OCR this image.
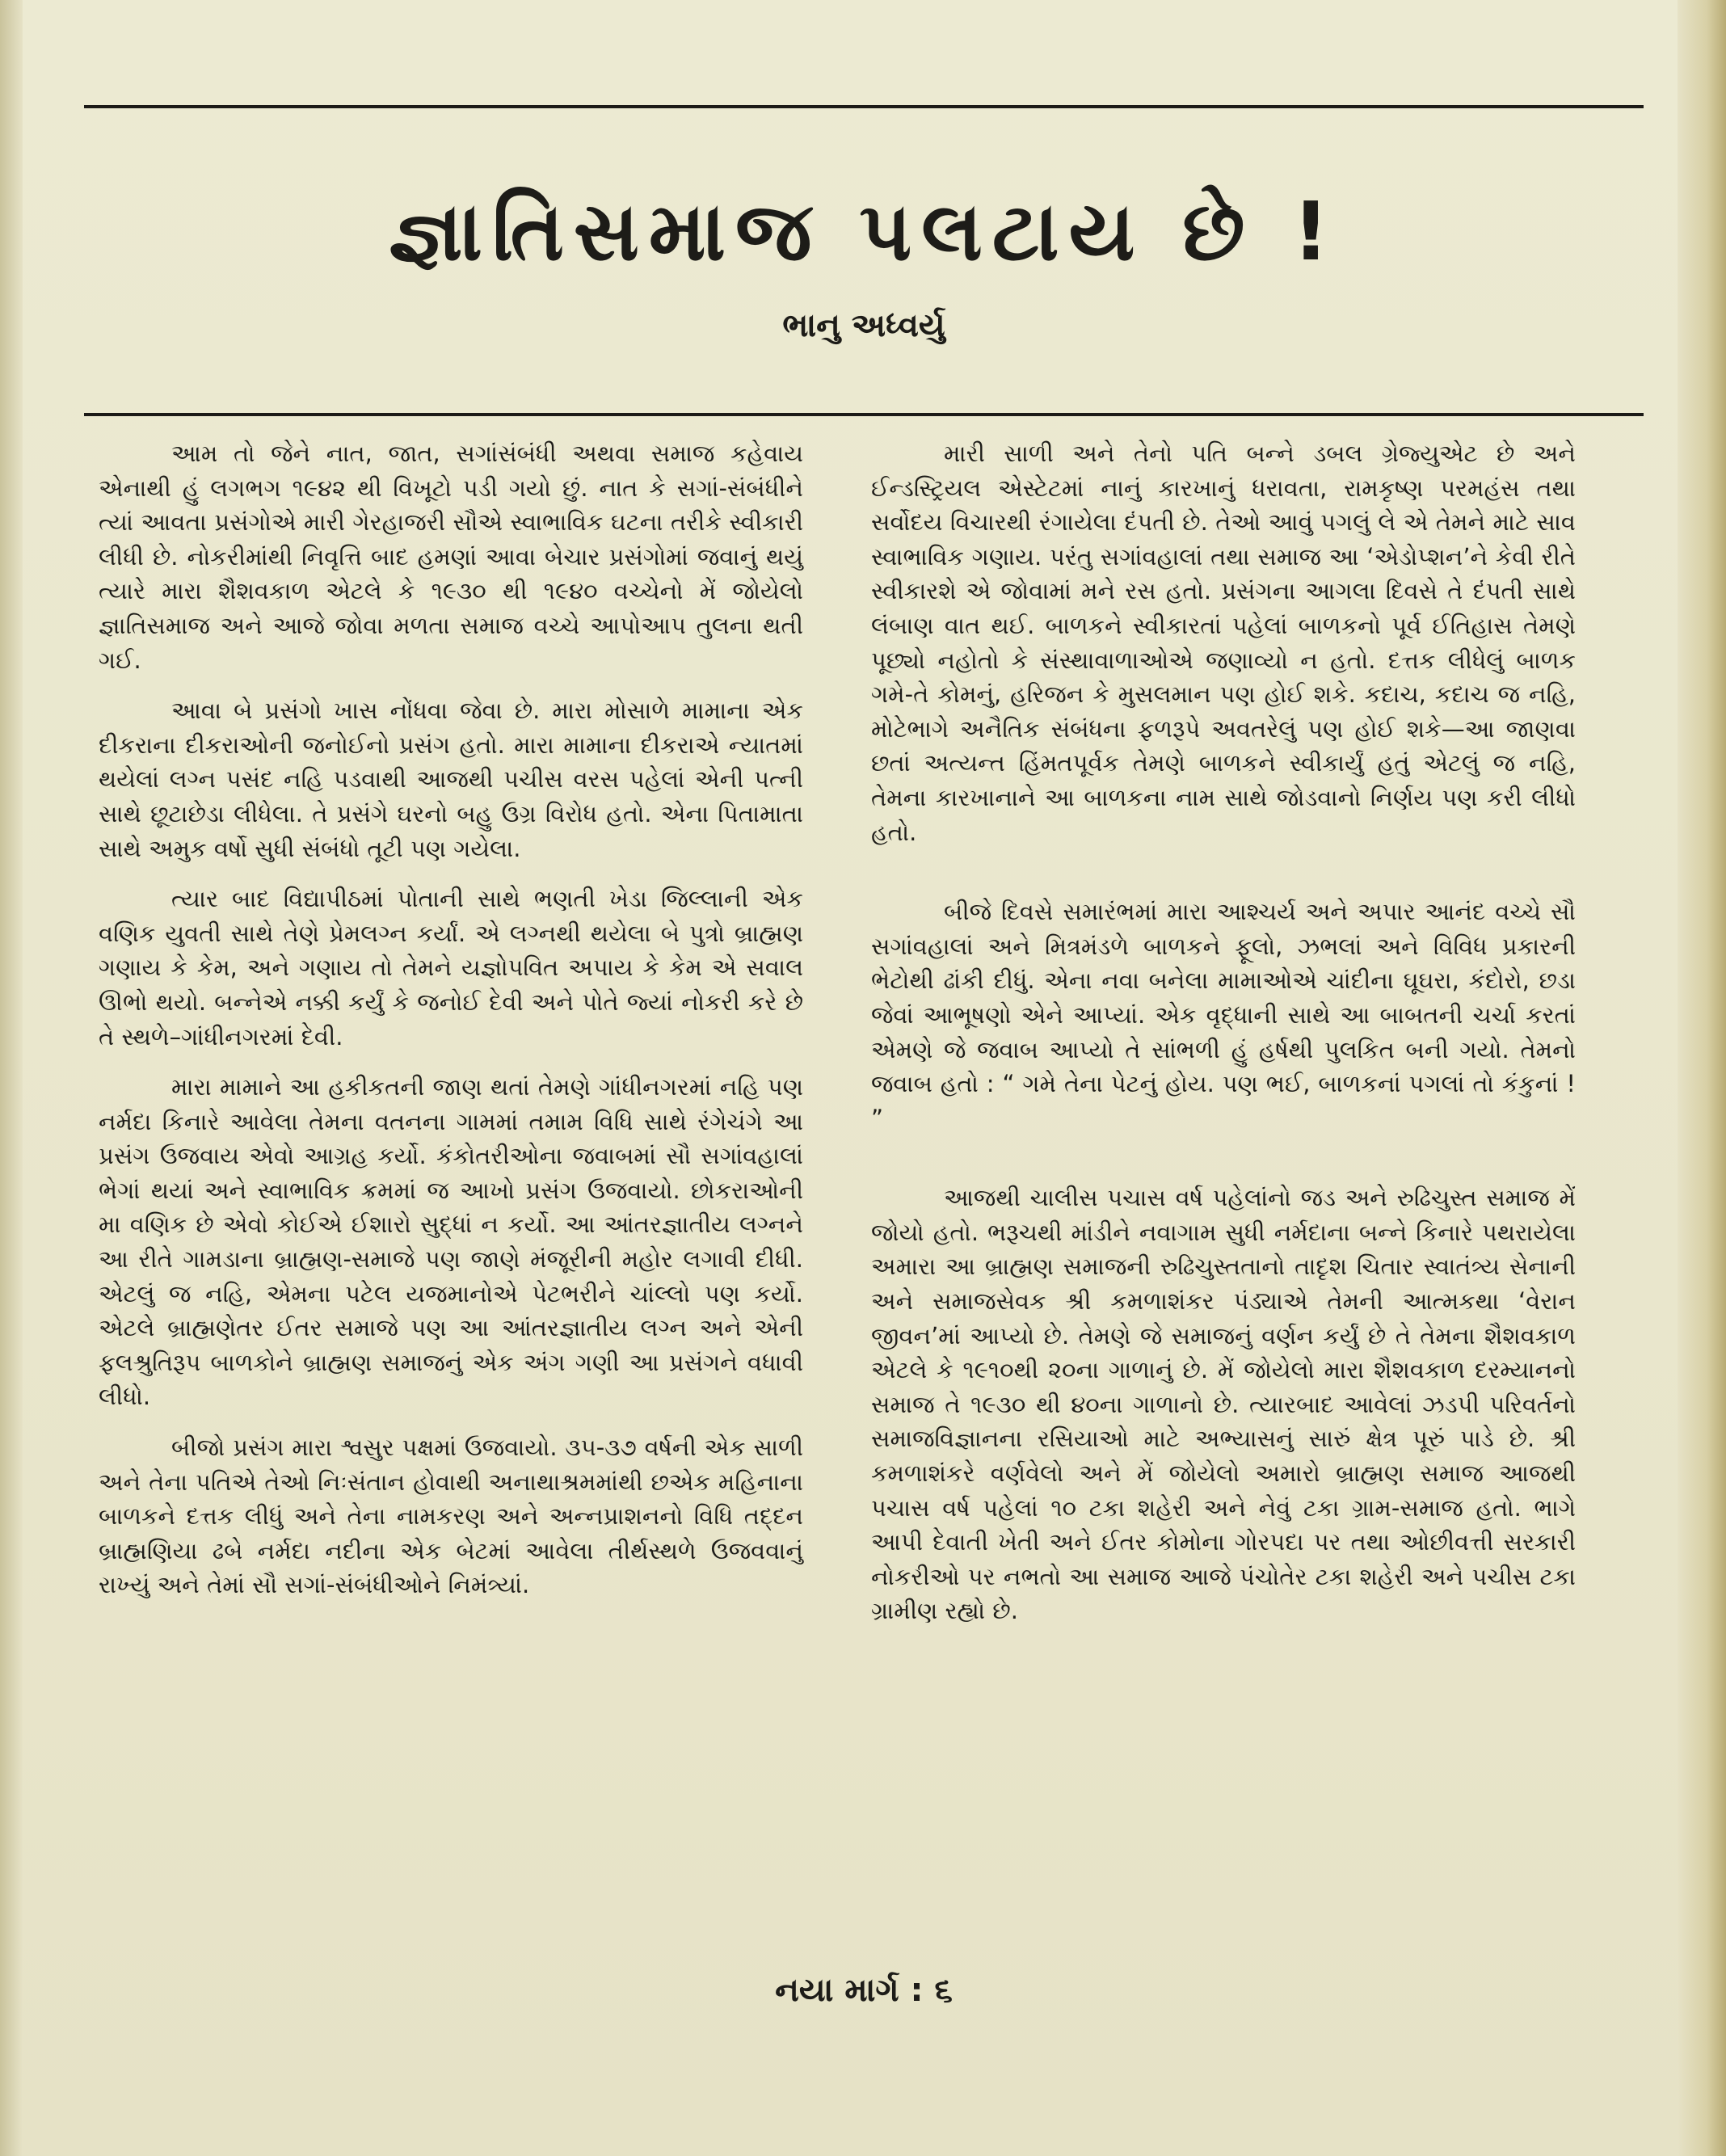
જ્ઞાતિસમાજ પલટાય છે !

ભાનુ અધ્વર્યુ

આમ તો જેને નાત, જાત, સગાંસંબંધી અથવા સમાજ કહેવાય એનાથી હું લગભગ ૧૯૪૨ થી વિખૂટો પડી ગયો છું. નાત કે સગાં-સંબંધીને ત્યાં આવતા પ્રસંગોએ મારી ગેરહાજરી સૌએ સ્વાભાવિક ઘટના તરીકે સ્વીકારી લીધી છે. નોકરીમાંથી નિવૃત્તિ બાદ હમણાં આવા બેચાર પ્રસંગોમાં જવાનું થયું ત્યારે મારા શૈશવકાળ એટલે કે ૧૯૩૦ થી ૧૯૪૦ વચ્ચેનો મેં જોયેલો જ્ઞાતિસમાજ અને આજે જોવા મળતા સમાજ વચ્ચે આપોઆપ તુલના થતી ગઈ.

આવા બે પ્રસંગો ખાસ નોંધવા જેવા છે. મારા મોસાળે મામાના એક દીકરાના દીકરાઓની જનોઈનો પ્રસંગ હતો. મારા મામાના દીકરાએ ન્યાતમાં થયેલાં લગ્ન પસંદ નહિ પડવાથી આજથી પચીસ વરસ પહેલાં એની પત્ની સાથે છૂટાછેડા લીધેલા. તે પ્રસંગે ઘરનો બહુ ઉગ્ર વિરોધ હતો. એના પિતામાતા સાથે અમુક વર્ષો સુધી સંબંધો તૂટી પણ ગયેલા.

ત્યાર બાદ વિદ્યાપીઠમાં પોતાની સાથે ભણતી ખેડા જિલ્લાની એક વણિક યુવતી સાથે તેણે પ્રેમલગ્ન કર્યાં. એ લગ્નથી થયેલા બે પુત્રો બ્રાહ્મણ ગણાય કે કેમ, અને ગણાય તો તેમને યજ્ઞોપવિત અપાય કે કેમ એ સવાલ ઊભો થયો. બન્નેએ નક્કી કર્યું કે જનોઈ દેવી અને પોતે જ્યાં નોકરી કરે છે તે સ્થળે–ગાંધીનગરમાં દેવી.

મારા મામાને આ હકીકતની જાણ થતાં તેમણે ગાંધીનગરમાં નહિ પણ નર્મદા કિનારે આવેલા તેમના વતનના ગામમાં તમામ વિધિ સાથે રંગેચંગે આ પ્રસંગ ઉજવાય એવો આગ્રહ કર્યો. કંકોતરીઓના જવાબમાં સૌ સગાંવહાલાં ભેગાં થયાં અને સ્વાભાવિક ક્રમમાં જ આખો પ્રસંગ ઉજવાયો. છોકરાઓની મા વણિક છે એવો કોઈએ ઈશારો સુદ્ધાં ન કર્યો. આ આંતરજ્ઞાતીય લગ્નને આ રીતે ગામડાના બ્રાહ્મણ-સમાજે પણ જાણે મંજૂરીની મહોર લગાવી દીધી. એટલું જ નહિ, એમના પટેલ યજમાનોએ પેટભરીને ચાંલ્લો પણ કર્યો. એટલે બ્રાહ્મણેતર ઈતર સમાજે પણ આ આંતરજ્ઞાતીય લગ્ન અને એની ફલશ્રુતિરૂપ બાળકોને બ્રાહ્મણ સમાજનું એક અંગ ગણી આ પ્રસંગને વધાવી લીધો.

બીજો પ્રસંગ મારા શ્વસુર પક્ષમાં ઉજવાયો. ૩૫-૩૭ વર્ષની એક સાળી અને તેના પતિએ તેઓ નિઃસંતાન હોવાથી અનાથાશ્રમમાંથી છએક મહિનાના બાળકને દત્તક લીધું અને તેના નામકરણ અને અન્નપ્રાશનનો વિધિ તદ્દન બ્રાહ્મણિયા ઢબે નર્મદા નદીના એક બેટમાં આવેલા તીર્થસ્થળે ઉજવવાનું રાખ્યું અને તેમાં સૌ સગાં-સંબંધીઓને નિમંત્ર્યાં.

મારી સાળી અને તેનો પતિ બન્ને ડબલ ગ્રેજ્યુએટ છે અને ઈન્ડસ્ટ્રિયલ એસ્ટેટમાં નાનું કારખાનું ધરાવતા, રામકૃષ્ણ પરમહંસ તથા સર્વોદય વિચારથી રંગાયેલા દંપતી છે. તેઓ આવું પગલું લે એ તેમને માટે સાવ સ્વાભાવિક ગણાય. પરંતુ સગાંવહાલાં તથા સમાજ આ ‘એડોપ્શન’ને કેવી રીતે સ્વીકારશે એ જોવામાં મને રસ હતો. પ્રસંગના આગલા દિવસે તે દંપતી સાથે લંબાણ વાત થઈ. બાળકને સ્વીકારતાં પહેલાં બાળકનો પૂર્વ ઈતિહાસ તેમણે પૂછ્યો નહોતો કે સંસ્થાવાળાઓએ જણાવ્યો ન હતો. દત્તક લીધેલું બાળક ગમે-તે કોમનું, હરિજન કે મુસલમાન પણ હોઈ શકે. કદાચ, કદાચ જ નહિ, મોટેભાગે અનૈતિક સંબંધના ફળરૂપે અવતરેલું પણ હોઈ શકે—આ જાણવા છતાં અત્યન્ત હિંમતપૂર્વક તેમણે બાળકને સ્વીકાર્યું હતું એટલું જ નહિ, તેમના કારખાનાને આ બાળકના નામ સાથે જોડવાનો નિર્ણય પણ કરી લીધો હતો.

બીજે દિવસે સમારંભમાં મારા આશ્ચર્ય અને અપાર આનંદ વચ્ચે સૌ સગાંવહાલાં અને મિત્રમંડળે બાળકને ફૂલો, ઝભલાં અને વિવિધ પ્રકારની ભેટોથી ઢાંકી દીધું. એના નવા બનેલા મામાઓએ ચાંદીના ઘૂઘરા, કંદોરો, છડા જેવાં આભૂષણો એને આપ્યાં. એક વૃદ્ધાની સાથે આ બાબતની ચર્ચા કરતાં એમણે જે જવાબ આપ્યો તે સાંભળી હું હર્ષથી પુલકિત બની ગયો. તેમનો જવાબ હતો : “ ગમે તેના પેટનું હોય. પણ ભઈ, બાળકનાં પગલાં તો કંકુનાં ! ”

આજથી ચાલીસ પચાસ વર્ષ પહેલાંનો જડ અને રુઢિચુસ્ત સમાજ મેં જોયો હતો. ભરૂચથી માંડીને નવાગામ સુધી નર્મદાના બન્ને કિનારે પથરાયેલા અમારા આ બ્રાહ્મણ સમાજની રુઢિચુસ્તતાનો તાદૃશ ચિતાર સ્વાતંત્ર્ય સેનાની અને સમાજસેવક શ્રી કમળાશંકર પંડ્યાએ તેમની આત્મકથા ‘વેરાન જીવન’માં આપ્યો છે. તેમણે જે સમાજનું વર્ણન કર્યું છે તે તેમના શૈશવકાળ એટલે કે ૧૯૧૦થી ૨૦ના ગાળાનું છે. મેં જોયેલો મારા શૈશવકાળ દરમ્યાનનો સમાજ તે ૧૯૩૦ થી ૪૦ના ગાળાનો છે. ત્યારબાદ આવેલાં ઝડપી પરિવર્તનો સમાજવિજ્ઞાનના રસિયાઓ માટે અભ્યાસનું સારું ક્ષેત્ર પૂરું પાડે છે. શ્રી કમળાશંકરે વર્ણવેલો અને મેં જોયેલો અમારો બ્રાહ્મણ સમાજ આજથી પચાસ વર્ષ પહેલાં ૧૦ ટકા શહેરી અને નેવું ટકા ગ્રામ-સમાજ હતો. ભાગે આપી દેવાતી ખેતી અને ઈતર કોમોના ગોરપદા પર તથા ઓછીવત્તી સરકારી નોકરીઓ પર નભતો આ સમાજ આજે પંચોતેર ટકા શહેરી અને પચીસ ટકા ગ્રામીણ રહ્યો છે.

નયા માર્ગ : ૬
